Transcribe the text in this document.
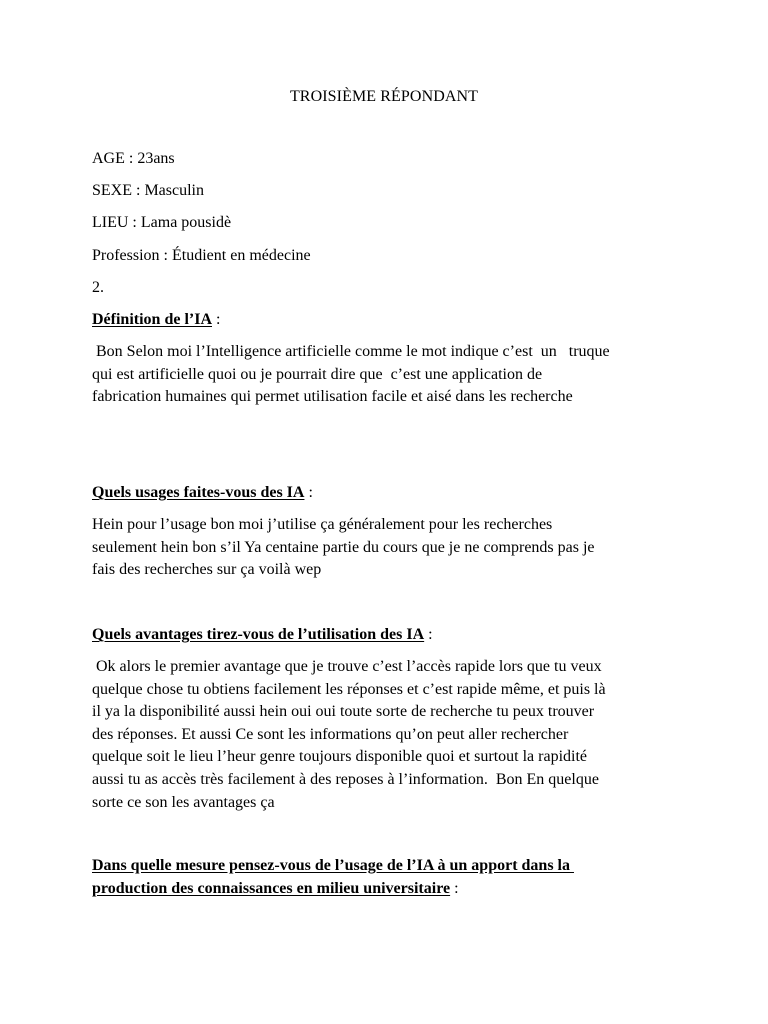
TROISIÈME RÉPONDANT
AGE : 23ans
SEXE : Masculin
LIEU : Lama pousidè
Profession : Étudient en médecine
2.
Définition de l’IA :
Bon Selon moi l’Intelligence artificielle comme le mot indique c’est  un   truque
qui est artificielle quoi ou je pourrait dire que  c’est une application de
fabrication humaines qui permet utilisation facile et aisé dans les recherche
Quels usages faites-vous des IA :
Hein pour l’usage bon moi j’utilise ça généralement pour les recherches
seulement hein bon s’il Ya centaine partie du cours que je ne comprends pas je
fais des recherches sur ça voilà wep
Quels avantages tirez-vous de l’utilisation des IA :
Ok alors le premier avantage que je trouve c’est l’accès rapide lors que tu veux
quelque chose tu obtiens facilement les réponses et c’est rapide même, et puis là
il ya la disponibilité aussi hein oui oui toute sorte de recherche tu peux trouver
des réponses. Et aussi Ce sont les informations qu’on peut aller rechercher
quelque soit le lieu l’heur genre toujours disponible quoi et surtout la rapidité
aussi tu as accès très facilement à des reposes à l’information.  Bon En quelque
sorte ce son les avantages ça
Dans quelle mesure pensez-vous de l’usage de l’IA à un apport dans la
production des connaissances en milieu universitaire :
